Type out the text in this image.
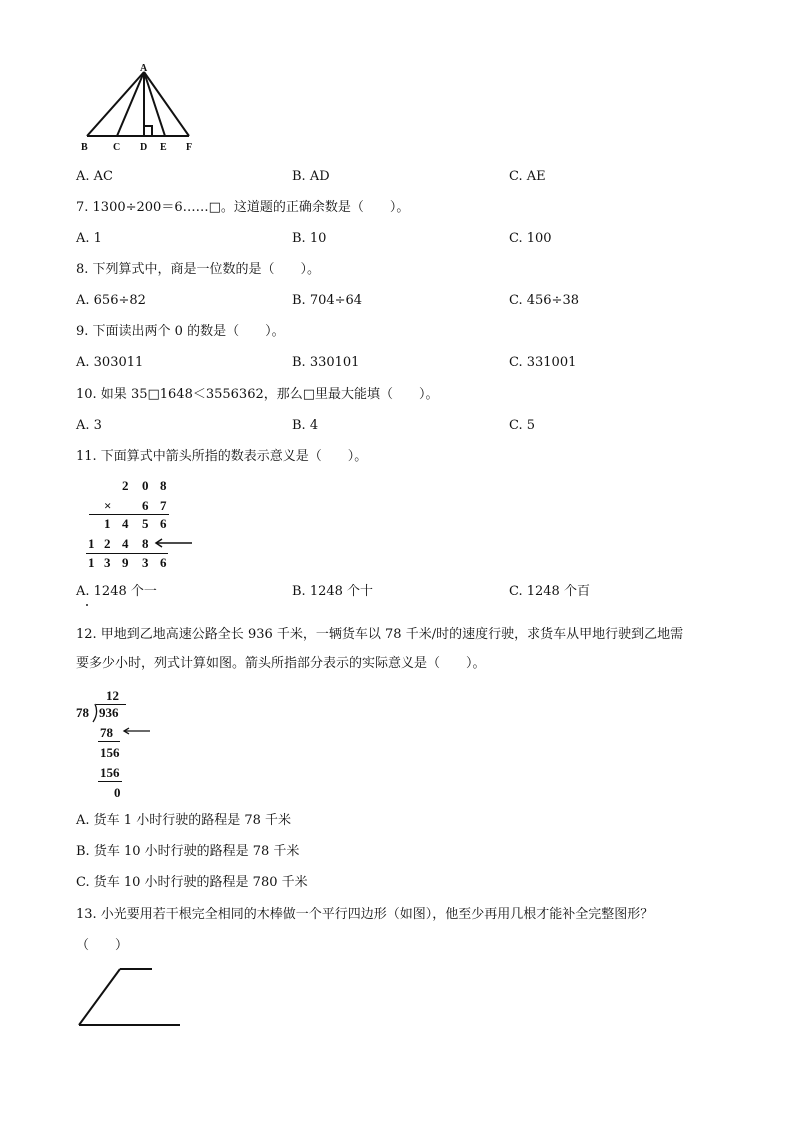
A
B	C D E F
A. AC	B. AD	C. AE
7. 1300÷200＝6……□。这道题的正确余数是（　　）。
A. 1	B. 10	C. 100
8. 下列算式中，商是一位数的是（　　）。
A. 656÷82	B. 704÷64	C. 456÷38
9. 下面读出两个 0 的数是（　　）。
A. 303011	B. 330101	C. 331001
10. 如果 35□1648＜3556362，那么□里最大能填（　　）。
A. 3	B. 4	C. 5
11. 下面算式中箭头所指的数表示意义是（　　）。
2 0 8
× 6 7
1 4 5 6
1 2 4 8
1 3 9 3 6
A. 1248 个一	B. 1248 个十	C. 1248 个百
12. 甲地到乙地高速公路全长 936 千米，一辆货车以 78 千米/时的速度行驶，求货车从甲地行驶到乙地需
要多少小时，列式计算如图。箭头所指部分表示的实际意义是（　　）。
12
78 936
78
156
156
0
A. 货车 1 小时行驶的路程是 78 千米
B. 货车 10 小时行驶的路程是 78 千米
C. 货车 10 小时行驶的路程是 780 千米
13. 小光要用若干根完全相同的木棒做一个平行四边形（如图），他至少再用几根才能补全完整图形？
（　　）
